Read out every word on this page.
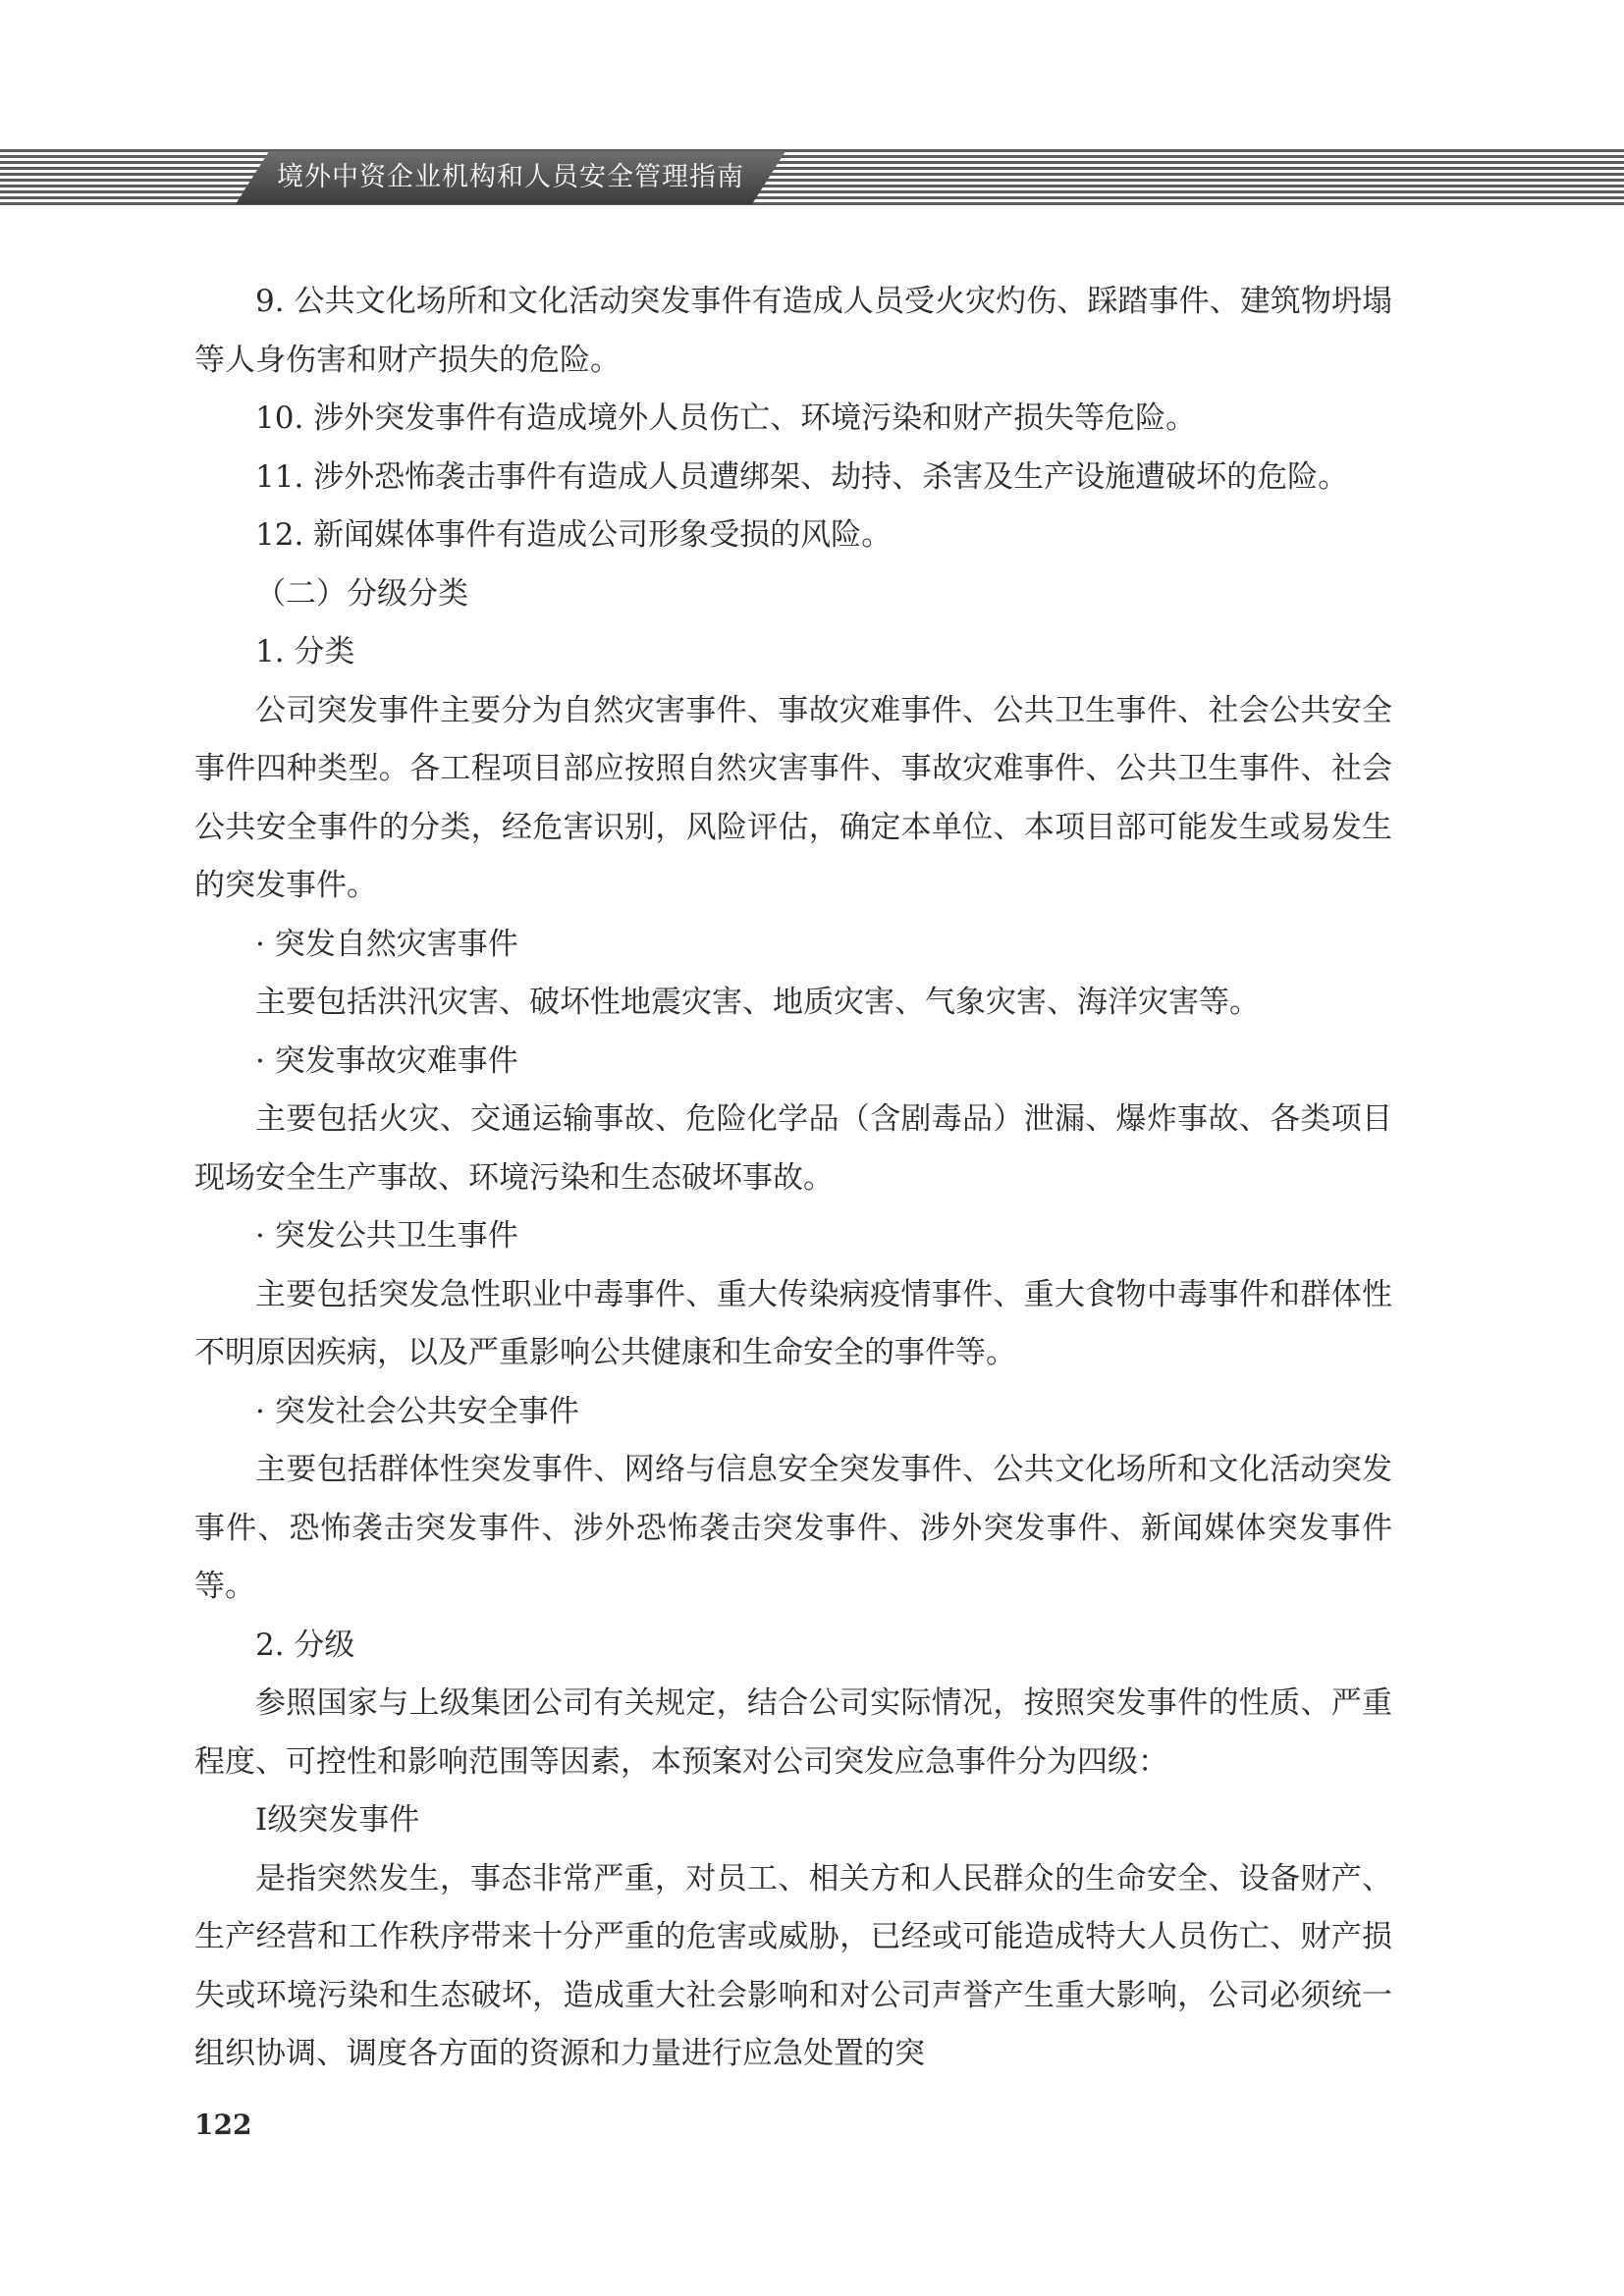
境外中资企业机构和人员安全管理指南

9. 公共文化场所和文化活动突发事件有造成人员受火灾灼伤、踩踏事件、建筑物坍塌等人身伤害和财产损失的危险。

10. 涉外突发事件有造成境外人员伤亡、环境污染和财产损失等危险。

11. 涉外恐怖袭击事件有造成人员遭绑架、劫持、杀害及生产设施遭破坏的危险。

12. 新闻媒体事件有造成公司形象受损的风险。

（二）分级分类

1. 分类

公司突发事件主要分为自然灾害事件、事故灾难事件、公共卫生事件、社会公共安全事件四种类型。各工程项目部应按照自然灾害事件、事故灾难事件、公共卫生事件、社会公共安全事件的分类，经危害识别，风险评估，确定本单位、本项目部可能发生或易发生的突发事件。

· 突发自然灾害事件

主要包括洪汛灾害、破坏性地震灾害、地质灾害、气象灾害、海洋灾害等。

· 突发事故灾难事件

主要包括火灾、交通运输事故、危险化学品（含剧毒品）泄漏、爆炸事故、各类项目现场安全生产事故、环境污染和生态破坏事故。

· 突发公共卫生事件

主要包括突发急性职业中毒事件、重大传染病疫情事件、重大食物中毒事件和群体性不明原因疾病，以及严重影响公共健康和生命安全的事件等。

· 突发社会公共安全事件

主要包括群体性突发事件、网络与信息安全突发事件、公共文化场所和文化活动突发事件、恐怖袭击突发事件、涉外恐怖袭击突发事件、涉外突发事件、新闻媒体突发事件等。

2. 分级

参照国家与上级集团公司有关规定，结合公司实际情况，按照突发事件的性质、严重程度、可控性和影响范围等因素，本预案对公司突发应急事件分为四级：

Ⅰ级突发事件

是指突然发生，事态非常严重，对员工、相关方和人民群众的生命安全、设备财产、生产经营和工作秩序带来十分严重的危害或威胁，已经或可能造成特大人员伤亡、财产损失或环境污染和生态破坏，造成重大社会影响和对公司声誉产生重大影响，公司必须统一组织协调、调度各方面的资源和力量进行应急处置的突

122
